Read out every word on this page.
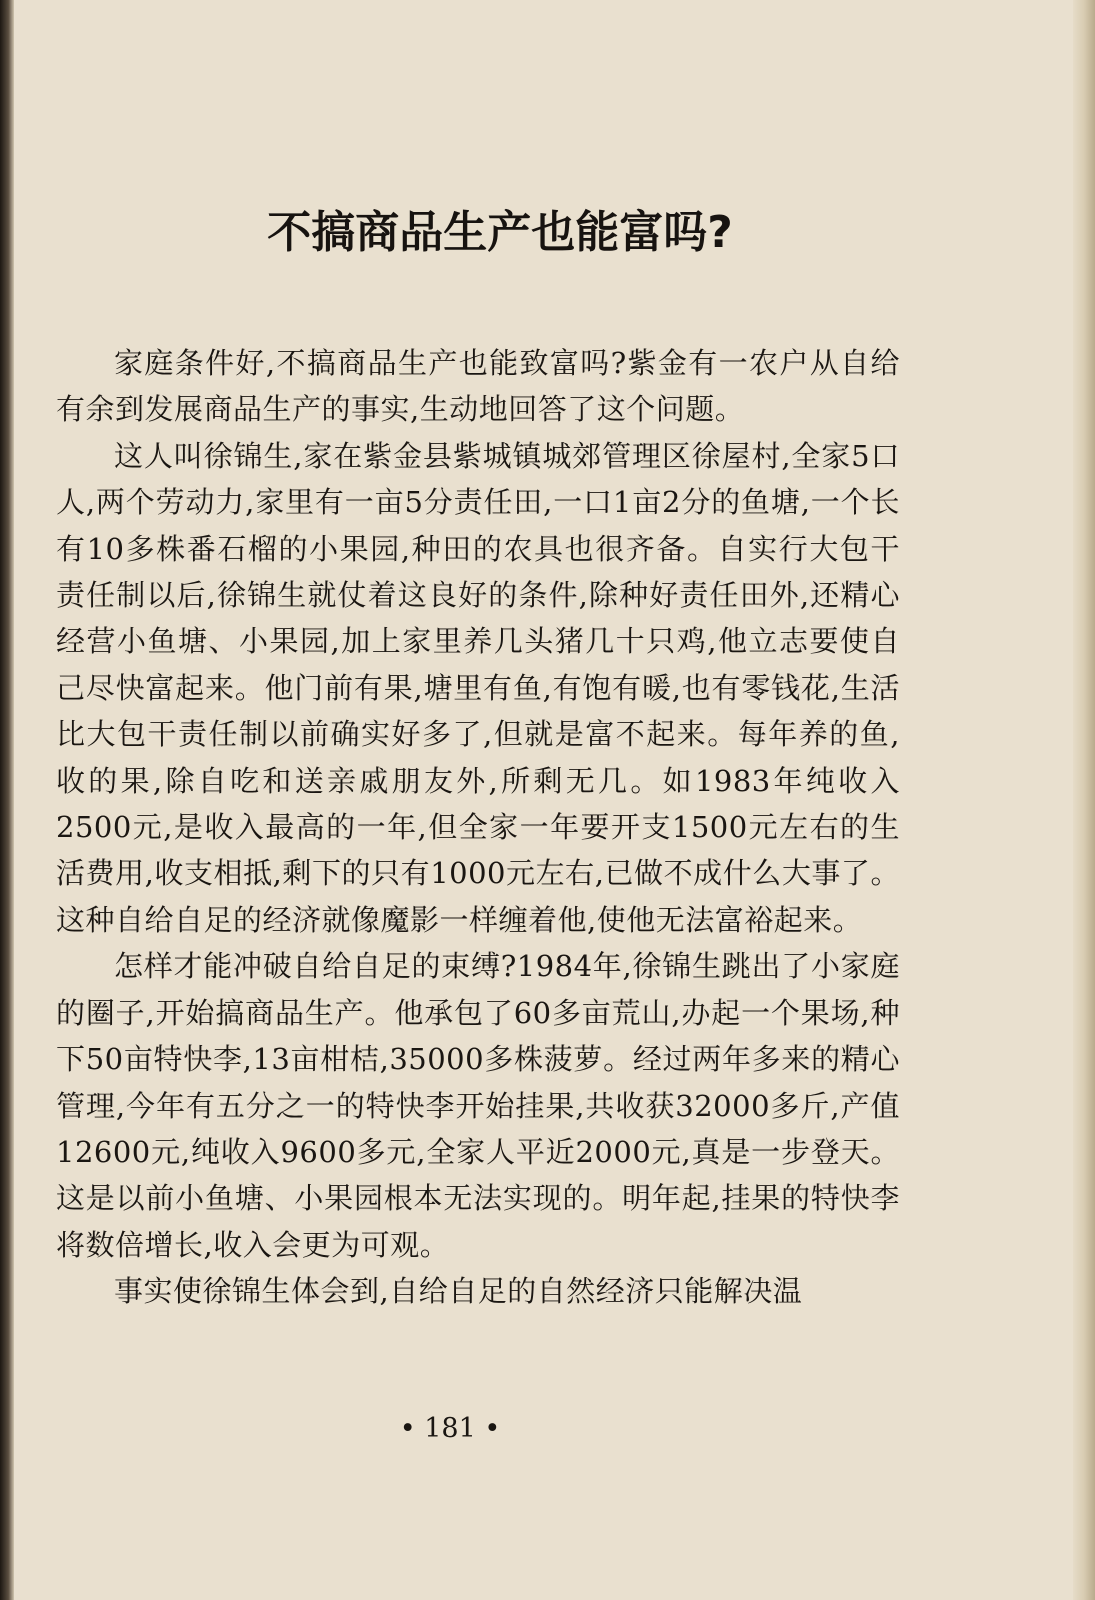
不搞商品生产也能富吗?

家庭条件好,不搞商品生产也能致富吗?紫金有一农户从自给有余到发展商品生产的事实,生动地回答了这个问题。

这人叫徐锦生,家在紫金县紫城镇城郊管理区徐屋村,全家5口人,两个劳动力,家里有一亩5分责任田,一口1亩2分的鱼塘,一个长有10多株番石榴的小果园,种田的农具也很齐备。自实行大包干责任制以后,徐锦生就仗着这良好的条件,除种好责任田外,还精心经营小鱼塘、小果园,加上家里养几头猪几十只鸡,他立志要使自己尽快富起来。他门前有果,塘里有鱼,有饱有暖,也有零钱花,生活比大包干责任制以前确实好多了,但就是富不起来。每年养的鱼,收的果,除自吃和送亲戚朋友外,所剩无几。如1983年纯收入2500元,是收入最高的一年,但全家一年要开支1500元左右的生活费用,收支相抵,剩下的只有1000元左右,已做不成什么大事了。这种自给自足的经济就像魔影一样缠着他,使他无法富裕起来。

怎样才能冲破自给自足的束缚?1984年,徐锦生跳出了小家庭的圈子,开始搞商品生产。他承包了60多亩荒山,办起一个果场,种下50亩特快李,13亩柑桔,35000多株菠萝。经过两年多来的精心管理,今年有五分之一的特快李开始挂果,共收获32000多斤,产值12600元,纯收入9600多元,全家人平近2000元,真是一步登天。这是以前小鱼塘、小果园根本无法实现的。明年起,挂果的特快李将数倍增长,收入会更为可观。

事实使徐锦生体会到,自给自足的自然经济只能解决温

• 181 •
